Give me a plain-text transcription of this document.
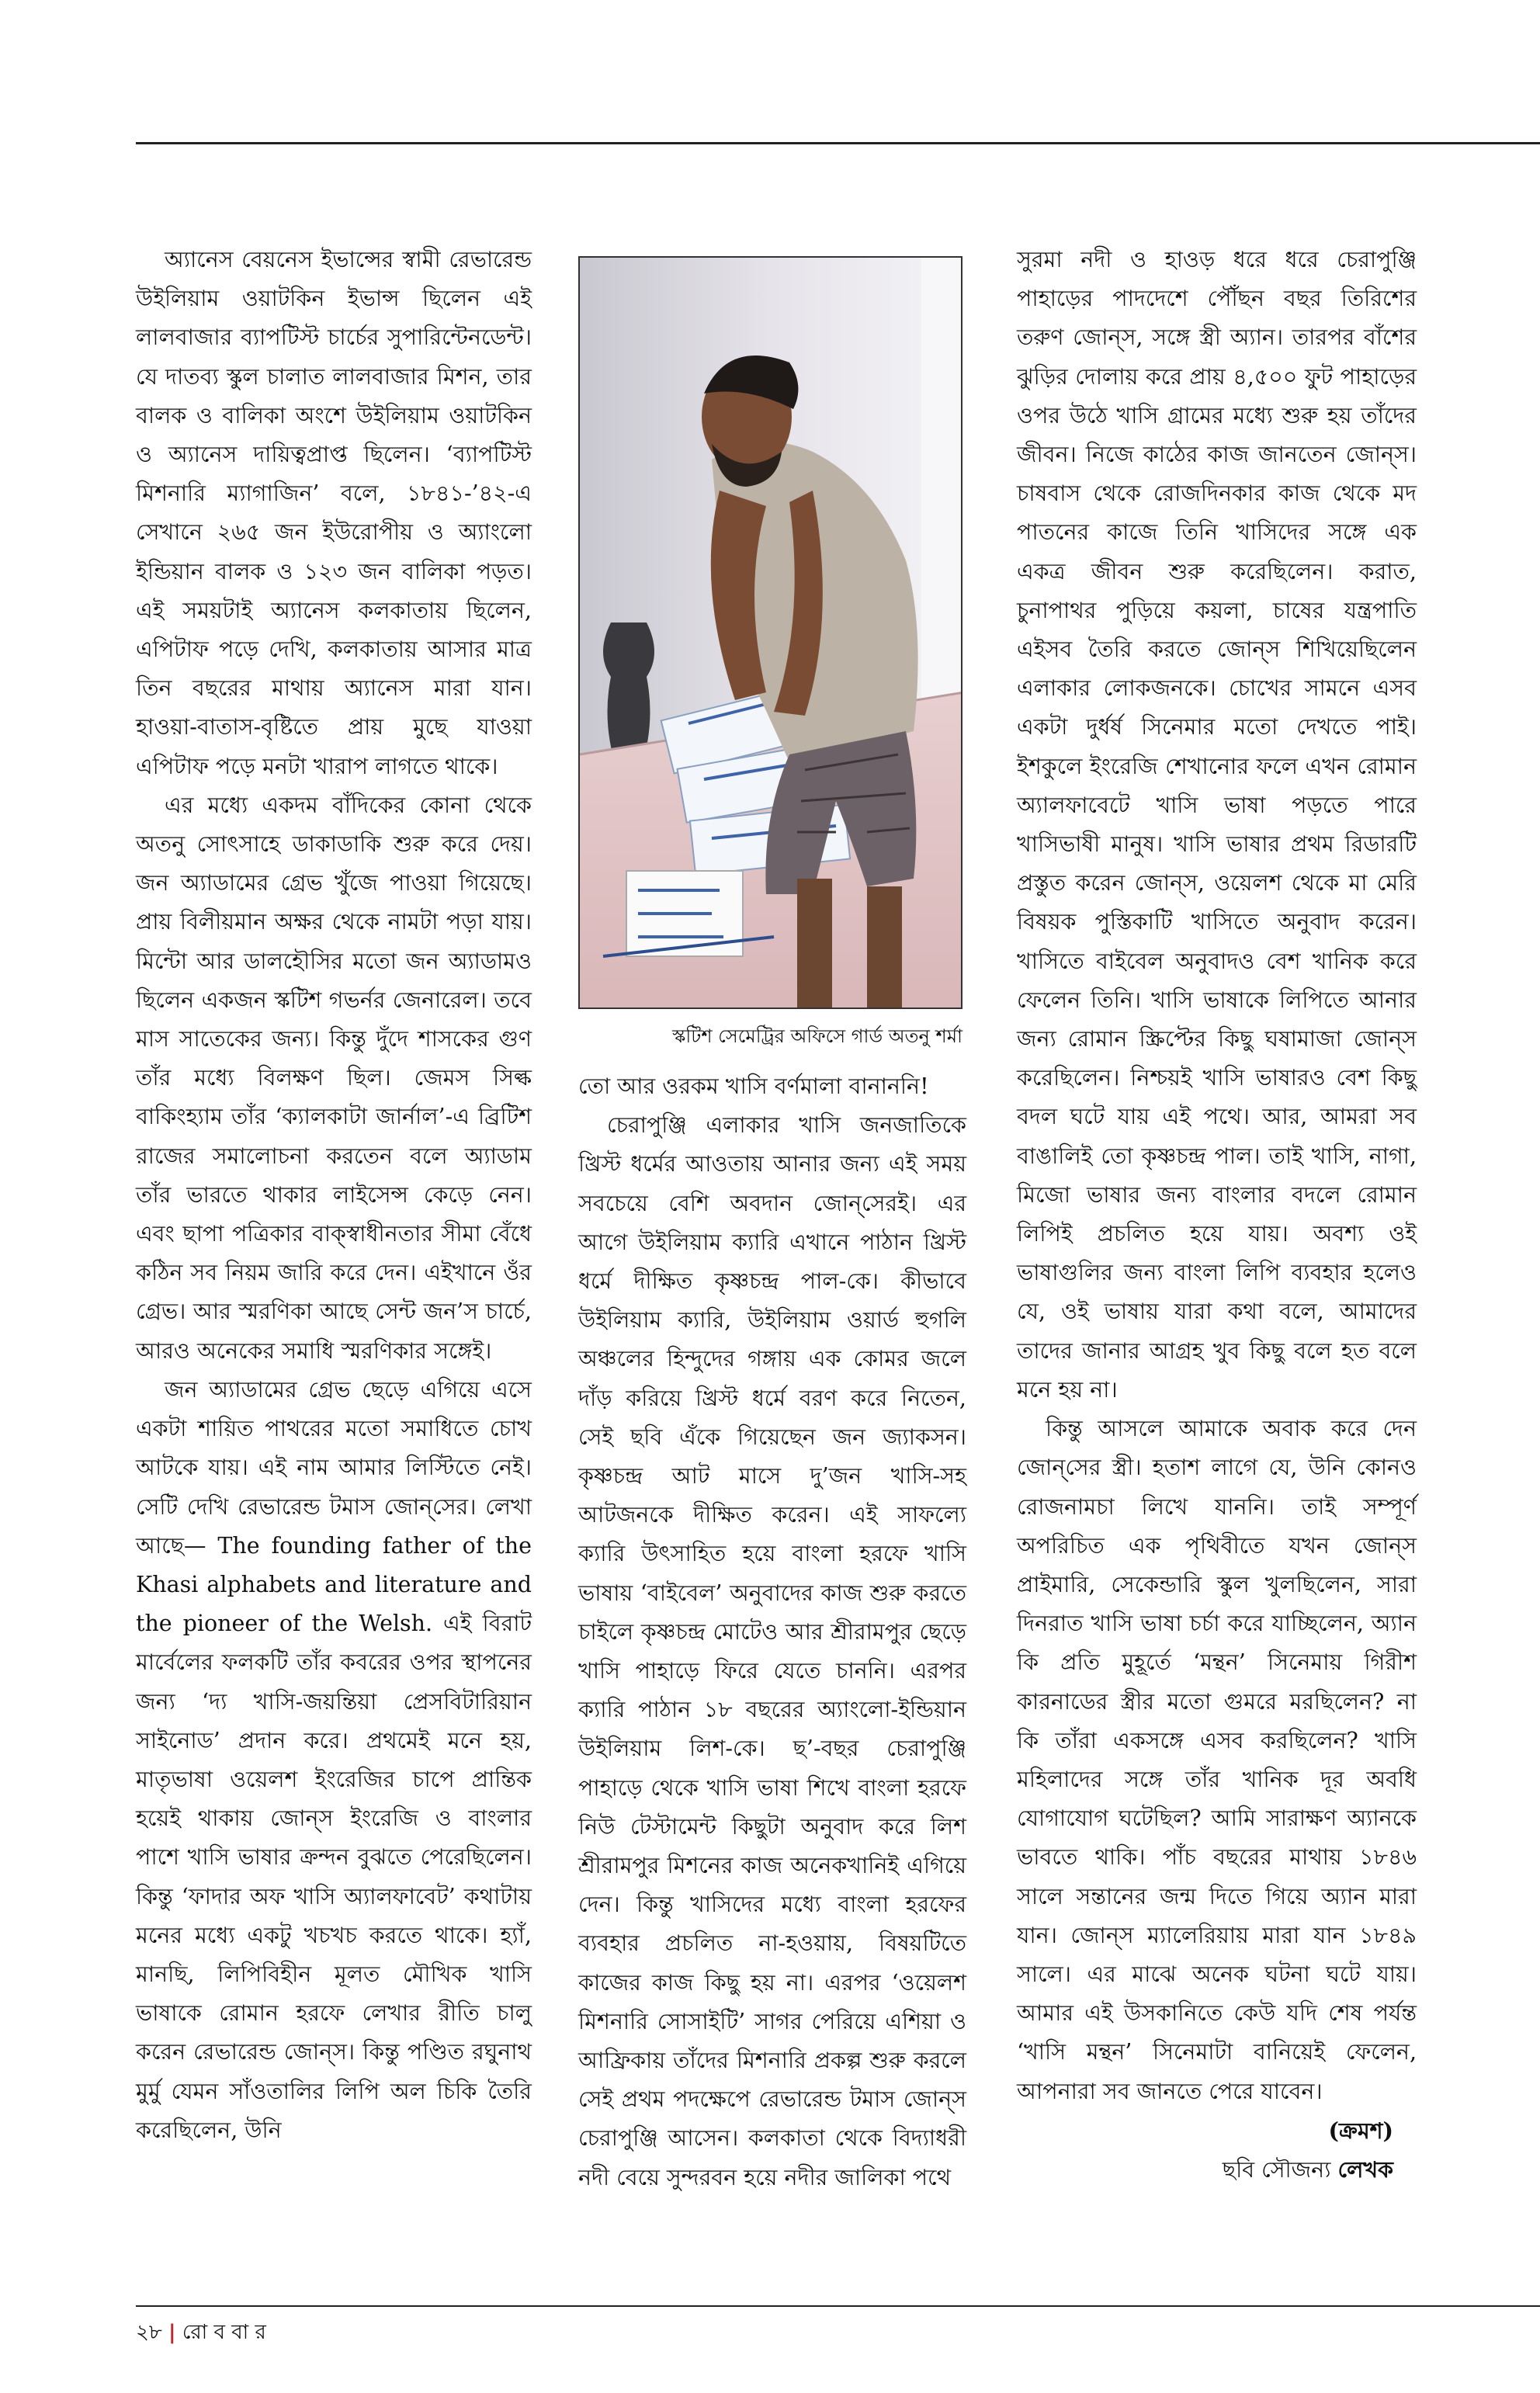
অ্যানেস বেয়নেস ইভান্সের স্বামী রেভারেন্ড উইলিয়াম ওয়াটকিন ইভান্স ছিলেন এই লালবাজার ব্যাপটিস্ট চার্চের সুপারিন্টেনডেন্ট। যে দাতব্য স্কুল চালাত লালবাজার মিশন, তার বালক ও বালিকা অংশে উইলিয়াম ওয়াটকিন ও অ্যানেস দায়িত্বপ্রাপ্ত ছিলেন। ‘ব্যাপটিস্ট মিশনারি ম্যাগাজিন’ বলে, ১৮৪১-’৪২-এ সেখানে ২৬৫ জন ইউরোপীয় ও অ্যাংলো ইন্ডিয়ান বালক ও ১২৩ জন বালিকা পড়ত। এই সময়টাই অ্যানেস কলকাতায় ছিলেন, এপিটাফ পড়ে দেখি, কলকাতায় আসার মাত্র তিন বছরের মাথায় অ্যানেস মারা যান। হাওয়া-বাতাস-বৃষ্টিতে প্রায় মুছে যাওয়া এপিটাফ পড়ে মনটা খারাপ লাগতে থাকে।

এর মধ্যে একদম বাঁদিকের কোনা থেকে অতনু সোৎসাহে ডাকাডাকি শুরু করে দেয়। জন অ্যাডামের গ্রেভ খুঁজে পাওয়া গিয়েছে। প্রায় বিলীয়মান অক্ষর থেকে নামটা পড়া যায়। মিন্টো আর ডালহৌসির মতো জন অ্যাডামও ছিলেন একজন স্কটিশ গভর্নর জেনারেল। তবে মাস সাতেকের জন্য। কিন্তু দুঁদে শাসকের গুণ তাঁর মধ্যে বিলক্ষণ ছিল। জেমস সিল্ক বাকিংহ্যাম তাঁর ‘ক্যালকাটা জার্নাল’-এ ব্রিটিশ রাজের সমালোচনা করতেন বলে অ্যাডাম তাঁর ভারতে থাকার লাইসেন্স কেড়ে নেন। এবং ছাপা পত্রিকার বাক্‌স্বাধীনতার সীমা বেঁধে কঠিন সব নিয়ম জারি করে দেন। এইখানে ওঁর গ্রেভ। আর স্মরণিকা আছে সেন্ট জন’স চার্চে, আরও অনেকের সমাধি স্মরণিকার সঙ্গেই।

জন অ্যাডামের গ্রেভ ছেড়ে এগিয়ে এসে একটা শায়িত পাথরের মতো সমাধিতে চোখ আটকে যায়। এই নাম আমার লিস্টিতে নেই। সেটি দেখি রেভারেন্ড টমাস জোন্‌সের। লেখা আছে— The founding father of the Khasi alphabets and literature and the pioneer of the Welsh. এই বিরাট মার্বেলের ফলকটি তাঁর কবরের ওপর স্থাপনের জন্য ‘দ্য খাসি-জয়ন্তিয়া প্রেসবিটারিয়ান সাইনোড’ প্রদান করে। প্রথমেই মনে হয়, মাতৃভাষা ওয়েলশ ইংরেজির চাপে প্রান্তিক হয়েই থাকায় জোন্‌স ইংরেজি ও বাংলার পাশে খাসি ভাষার ক্রন্দন বুঝতে পেরেছিলেন। কিন্তু ‘ফাদার অফ খাসি অ্যালফাবেট’ কথাটায় মনের মধ্যে একটু খচখচ করতে থাকে। হ্যাঁ, মানছি, লিপিবিহীন মূলত মৌখিক খাসি ভাষাকে রোমান হরফে লেখার রীতি চালু করেন রেভারেন্ড জোন্‌স। কিন্তু পণ্ডিত রঘুনাথ মুর্মু যেমন সাঁওতালির লিপি অল চিকি তৈরি করেছিলেন, উনি

স্কটিশ সেমেট্রির অফিসে গার্ড অতনু শর্মা

তো আর ওরকম খাসি বর্ণমালা বানাননি!

চেরাপুঞ্জি এলাকার খাসি জনজাতিকে খ্রিস্ট ধর্মের আওতায় আনার জন্য এই সময় সবচেয়ে বেশি অবদান জোন্‌সেরই। এর আগে উইলিয়াম ক্যারি এখানে পাঠান খ্রিস্ট ধর্মে দীক্ষিত কৃষ্ণচন্দ্র পাল-কে। কীভাবে উইলিয়াম ক্যারি, উইলিয়াম ওয়ার্ড হুগলি অঞ্চলের হিন্দুদের গঙ্গায় এক কোমর জলে দাঁড় করিয়ে খ্রিস্ট ধর্মে বরণ করে নিতেন, সেই ছবি এঁকে গিয়েছেন জন জ্যাকসন। কৃষ্ণচন্দ্র আট মাসে দু’জন খাসি-সহ আটজনকে দীক্ষিত করেন। এই সাফল্যে ক্যারি উৎসাহিত হয়ে বাংলা হরফে খাসি ভাষায় ‘বাইবেল’ অনুবাদের কাজ শুরু করতে চাইলে কৃষ্ণচন্দ্র মোটেও আর শ্রীরামপুর ছেড়ে খাসি পাহাড়ে ফিরে যেতে চাননি। এরপর ক্যারি পাঠান ১৮ বছরের অ্যাংলো-ইন্ডিয়ান উইলিয়াম লিশ-কে। ছ’-বছর চেরাপুঞ্জি পাহাড়ে থেকে খাসি ভাষা শিখে বাংলা হরফে নিউ টেস্টামেন্ট কিছুটা অনুবাদ করে লিশ শ্রীরামপুর মিশনের কাজ অনেকখানিই এগিয়ে দেন। কিন্তু খাসিদের মধ্যে বাংলা হরফের ব্যবহার প্রচলিত না-হওয়ায়, বিষয়টিতে কাজের কাজ কিছু হয় না। এরপর ‘ওয়েলশ মিশনারি সোসাইটি’ সাগর পেরিয়ে এশিয়া ও আফ্রিকায় তাঁদের মিশনারি প্রকল্প শুরু করলে সেই প্রথম পদক্ষেপে রেভারেন্ড টমাস জোন্‌স চেরাপুঞ্জি আসেন। কলকাতা থেকে বিদ্যাধরী নদী বেয়ে সুন্দরবন হয়ে নদীর জালিকা পথে

সুরমা নদী ও হাওড় ধরে ধরে চেরাপুঞ্জি পাহাড়ের পাদদেশে পৌঁছন বছর তিরিশের তরুণ জোন্‌স, সঙ্গে স্ত্রী অ্যান। তারপর বাঁশের ঝুড়ির দোলায় করে প্রায় ৪,৫০০ ফুট পাহাড়ের ওপর উঠে খাসি গ্রামের মধ্যে শুরু হয় তাঁদের জীবন। নিজে কাঠের কাজ জানতেন জোন্‌স। চাষবাস থেকে রোজদিনকার কাজ থেকে মদ পাতনের কাজে তিনি খাসিদের সঙ্গে এক একত্র জীবন শুরু করেছিলেন। করাত, চুনাপাথর পুড়িয়ে কয়লা, চাষের যন্ত্রপাতি এইসব তৈরি করতে জোন্‌স শিখিয়েছিলেন এলাকার লোকজনকে। চোখের সামনে এসব একটা দুর্ধর্ষ সিনেমার মতো দেখতে পাই। ইশকুলে ইংরেজি শেখানোর ফলে এখন রোমান অ্যালফাবেটে খাসি ভাষা পড়তে পারে খাসিভাষী মানুষ। খাসি ভাষার প্রথম রিডারটি প্রস্তুত করেন জোন্‌স, ওয়েলশ থেকে মা মেরি বিষয়ক পুস্তিকাটি খাসিতে অনুবাদ করেন। খাসিতে বাইবেল অনুবাদও বেশ খানিক করে ফেলেন তিনি। খাসি ভাষাকে লিপিতে আনার জন্য রোমান স্ক্রিপ্টের কিছু ঘষামাজা জোন্‌স করেছিলেন। নিশ্চয়ই খাসি ভাষারও বেশ কিছু বদল ঘটে যায় এই পথে। আর, আমরা সব বাঙালিই তো কৃষ্ণচন্দ্র পাল। তাই খাসি, নাগা, মিজো ভাষার জন্য বাংলার বদলে রোমান লিপিই প্রচলিত হয়ে যায়। অবশ্য ওই ভাষাগুলির জন্য বাংলা লিপি ব্যবহার হলেও যে, ওই ভাষায় যারা কথা বলে, আমাদের তাদের জানার আগ্রহ খুব কিছু বলে হত বলে মনে হয় না।

কিন্তু আসলে আমাকে অবাক করে দেন জোন্‌সের স্ত্রী। হতাশ লাগে যে, উনি কোনও রোজনামচা লিখে যাননি। তাই সম্পূর্ণ অপরিচিত এক পৃথিবীতে যখন জোন্‌স প্রাইমারি, সেকেন্ডারি স্কুল খুলছিলেন, সারা দিনরাত খাসি ভাষা চর্চা করে যাচ্ছিলেন, অ্যান কি প্রতি মুহূর্তে ‘মন্থন’ সিনেমায় গিরীশ কারনাডের স্ত্রীর মতো গুমরে মরছিলেন? না কি তাঁরা একসঙ্গে এসব করছিলেন? খাসি মহিলাদের সঙ্গে তাঁর খানিক দূর অবধি যোগাযোগ ঘটেছিল? আমি সারাক্ষণ অ্যানকে ভাবতে থাকি। পাঁচ বছরের মাথায় ১৮৪৬ সালে সন্তানের জন্ম দিতে গিয়ে অ্যান মারা যান। জোন্‌স ম্যালেরিয়ায় মারা যান ১৮৪৯ সালে। এর মাঝে অনেক ঘটনা ঘটে যায়। আমার এই উসকানিতে কেউ যদি শেষ পর্যন্ত ‘খাসি মন্থন’ সিনেমাটা বানিয়েই ফেলেন, আপনারা সব জানতে পেরে যাবেন।

(ক্রমশ)

ছবি সৌজন্য লেখক

২৮ | রো ব বা র
